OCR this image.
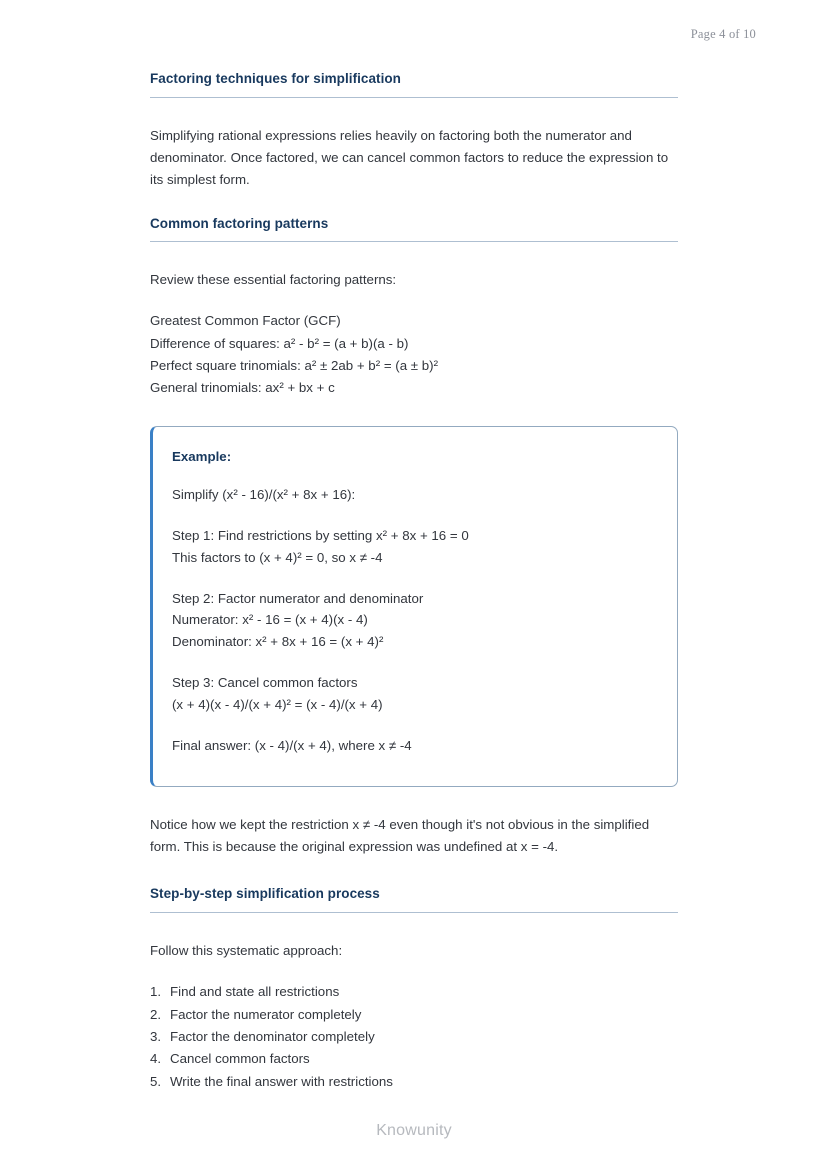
Page 4 of 10
Factoring techniques for simplification

Simplifying rational expressions relies heavily on factoring both the numerator and denominator. Once factored, we can cancel common factors to reduce the expression to its simplest form.

Common factoring patterns

Review these essential factoring patterns:

Greatest Common Factor (GCF)
Difference of squares: a² - b² = (a + b)(a - b)
Perfect square trinomials: a² ± 2ab + b² = (a ± b)²
General trinomials: ax² + bx + c
Example:

Simplify (x² - 16)/(x² + 8x + 16):

Step 1: Find restrictions by setting x² + 8x + 16 = 0
This factors to (x + 4)² = 0, so x ≠ -4

Step 2: Factor numerator and denominator
Numerator: x² - 16 = (x + 4)(x - 4)
Denominator: x² + 8x + 16 = (x + 4)²

Step 3: Cancel common factors
(x + 4)(x - 4)/(x + 4)² = (x - 4)/(x + 4)

Final answer: (x - 4)/(x + 4), where x ≠ -4

Notice how we kept the restriction x ≠ -4 even though it's not obvious in the simplified form. This is because the original expression was undefined at x = -4.

Step-by-step simplification process

Follow this systematic approach:

1. Find and state all restrictions
2. Factor the numerator completely
3. Factor the denominator completely
4. Cancel common factors
5. Write the final answer with restrictions
Knowunity
